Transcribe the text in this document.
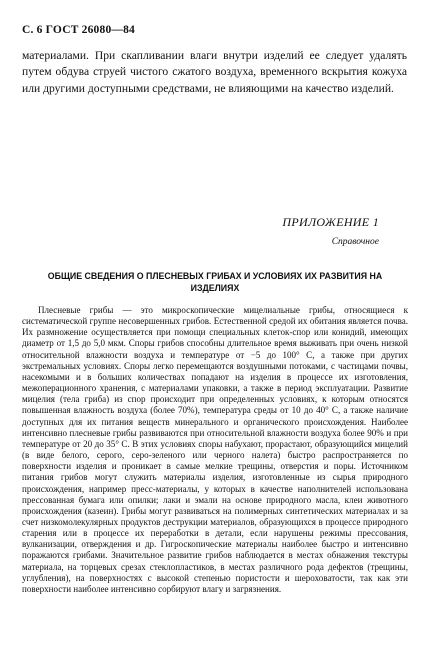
С. 6 ГОСТ 26080—84

материалами. При скапливании влаги внутри изделий ее следует удалять путем обдува струей чистого сжатого воздуха, временного вскрытия кожуха или другими доступными средствами, не влияющими на качество изделий.

ПРИЛОЖЕНИЕ 1
Справочное
ОБЩИЕ СВЕДЕНИЯ О ПЛЕСНЕВЫХ ГРИБАХ И УСЛОВИЯХ ИХ РАЗВИТИЯ НА ИЗДЕЛИЯХ

Плесневые грибы — это микроскопические мицелиальные грибы, относящиеся к систематической группе несовершенных грибов. Естественной средой их обитания является почва. Их размножение осуществляется при помощи специальных клеток-спор или конидий, имеющих диаметр от 1,5 до 5,0 мкм. Споры грибов способны длительное время выживать при очень низкой относительной влажности воздуха и температуре от −5 до 100° С, а также при других экстремальных условиях. Споры легко перемещаются воздушными потоками, с частицами почвы, насекомыми и в больших количествах попадают на изделия в процессе их изготовления, межоперационного хранения, с материалами упаковки, а также в период эксплуатации. Развитие мицелия (тела гриба) из спор происходит при определенных условиях, к которым относятся повышенная влажность воздуха (более 70%), температура среды от 10 до 40° С, а также наличие доступных для их питания веществ минерального и органического происхождения. Наиболее интенсивно плесневые грибы развиваются при относительной влажности воздуха более 90% и при температуре от 20 до 35° С. В этих условиях споры набухают, прорастают, образующийся мицелий (в виде белого, серого, серо-зеленого или черного налета) быстро распространяется по поверхности изделия и проникает в самые мелкие трещины, отверстия и поры. Источником питания грибов могут служить материалы изделия, изготовленные из сырья природного происхождения, например пресс-материалы, у которых в качестве наполнителей использована прессованная бумага или опилки; лаки и эмали на основе природного масла, клеи животного происхождения (казеин). Грибы могут развиваться на полимерных синтетических материалах и за счет низкомолекулярных продуктов деструкции материалов, образующихся в процессе природного старения или в процессе их переработки в детали, если нарушены режимы прессования, вулканизации, отверждения и др. Гигроскопические материалы наиболее быстро и интенсивно поражаются грибами. Значительное развитие грибов наблюдается в местах обнажения текстуры материала, на торцевых срезах стеклопластиков, в местах различного рода дефектов (трещины, углубления), на поверхностях с высокой степенью пористости и шероховатости, так как эти поверхности наиболее интенсивно сорбируют влагу и загрязнения.
